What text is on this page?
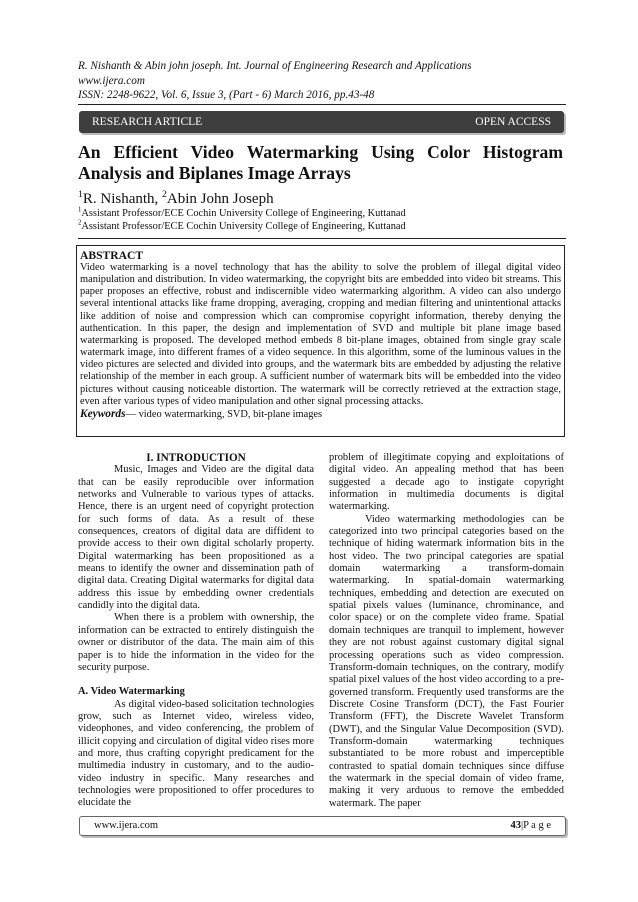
R. Nishanth & Abin john joseph. Int. Journal of Engineering Research and Applications
www.ijera.com
ISSN: 2248-9622, Vol. 6, Issue 3, (Part - 6) March 2016, pp.43-48
RESEARCH ARTICLE	OPEN ACCESS
An Efficient Video Watermarking Using Color Histogram
Analysis and Biplanes Image Arrays
$^1$R. Nishanth, $^2$Abin John Joseph
$^1$Assistant Professor/ECE Cochin University College of Engineering, Kuttanad
$^2$Assistant Professor/ECE Cochin University College of Engineering, Kuttanad
ABSTRACT
Video watermarking is a novel technology that has the ability to solve the problem of illegal digital video manipulation and distribution. In video watermarking, the copyright bits are embedded into video bit streams. This paper proposes an effective, robust and indiscernible video watermarking algorithm. A video can also undergo several intentional attacks like frame dropping, averaging, cropping and median filtering and unintentional attacks like addition of noise and compression which can compromise copyright information, thereby denying the authentication. In this paper, the design and implementation of SVD and multiple bit plane image based watermarking is proposed. The developed method embeds 8 bit-plane images, obtained from single gray scale watermark image, into different frames of a video sequence. In this algorithm, some of the luminous values in the video pictures are selected and divided into groups, and the watermark bits are embedded by adjusting the relative relationship of the member in each group. A sufficient number of watermark bits will be embedded into the video pictures without causing noticeable distortion. The watermark will be correctly retrieved at the extraction stage, even after various types of video manipulation and other signal processing attacks.
Keywords— video watermarking, SVD, bit-plane images

I. INTRODUCTION

Music, Images and Video are the digital data that can be easily reproducible over information networks and Vulnerable to various types of attacks. Hence, there is an urgent need of copyright protection for such forms of data. As a result of these consequences, creators of digital data are diffident to provide access to their own digital scholarly property. Digital watermarking has been propositioned as a means to identify the owner and dissemination path of digital data. Creating Digital watermarks for digital data address this issue by embedding owner credentials candidly into the digital data.

When there is a problem with ownership, the information can be extracted to entirely distinguish the owner or distributor of the data. The main aim of this paper is to hide the information in the video for the security purpose.

A. Video Watermarking

As digital video-based solicitation technologies grow, such as Internet video, wireless video, videophones, and video conferencing, the problem of illicit copying and circulation of digital video rises more and more, thus crafting copyright predicament for the multimedia industry in customary, and to the audio-video industry in specific. Many researches and technologies were propositioned to offer procedures to elucidate the

problem of illegitimate copying and exploitations of digital video. An appealing method that has been suggested a decade ago to instigate copyright information in multimedia documents is digital watermarking.

Video watermarking methodologies can be categorized into two principal categories based on the technique of hiding watermark information bits in the host video. The two principal categories are spatial domain watermarking a transform-domain watermarking. In spatial-domain watermarking techniques, embedding and detection are executed on spatial pixels values (luminance, chrominance, and color space) or on the complete video frame. Spatial domain techniques are tranquil to implement, however they are not robust against customary digital signal processing operations such as video compression. Transform-domain techniques, on the contrary, modify spatial pixel values of the host video according to a pre-governed transform. Frequently used transforms are the Discrete Cosine Transform (DCT), the Fast Fourier Transform (FFT), the Discrete Wavelet Transform (DWT), and the Singular Value Decomposition (SVD). Transform-domain watermarking techniques substantiated to be more robust and imperceptible contrasted to spatial domain techniques since diffuse the watermark in the special domain of video frame, making it very arduous to remove the embedded watermark. The paper

www.ijera.com	43|P a g e
